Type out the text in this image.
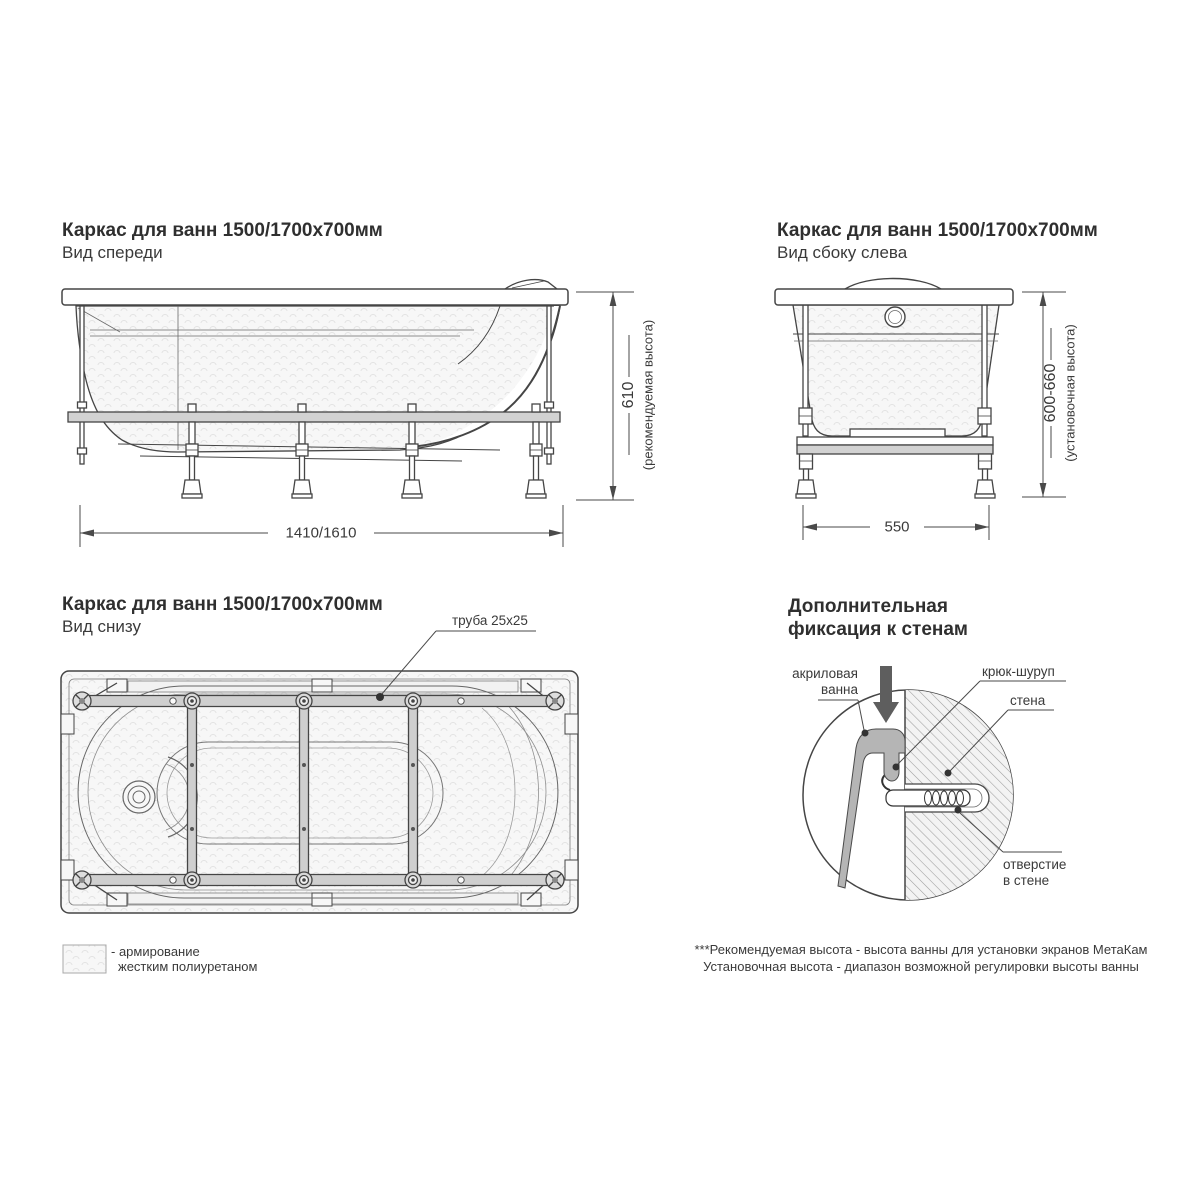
Каркас для ванн 1500/1700x700мм
Вид спереди
Каркас для ванн 1500/1700x700мм
Вид сбоку слева
Каркас для ванн 1500/1700x700мм
Вид снизу
Дополнительная
фиксация к стенам
труба 25x25
1410/1610
610 (рекомендуемая высота)
550
600-660 (установочная высота)
акриловая
ванна
крюк-шуруп
стена
отверстие
в стене
- армирование
жестким полиуретаном
***Рекомендуемая высота - высота ванны для установки экранов МетаКам
Установочная высота - диапазон возможной регулировки высоты ванны
